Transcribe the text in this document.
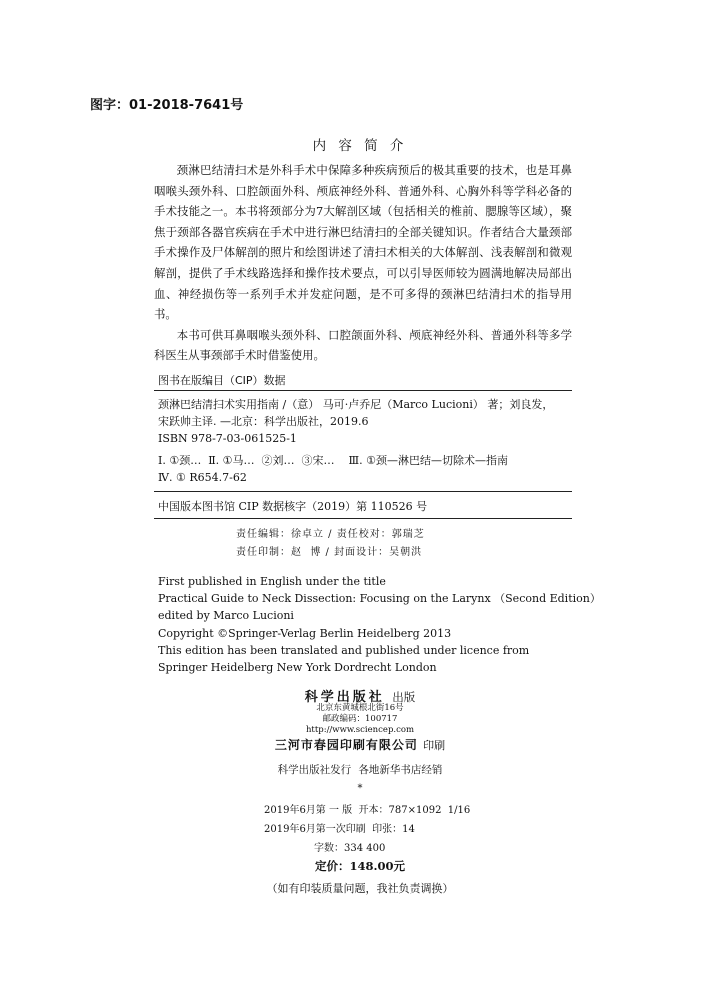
图字：01-2018-7641号
内 容 简 介

颈淋巴结清扫术是外科手术中保障多种疾病预后的极其重要的技术，也是耳鼻咽喉头颈外科、口腔颌面外科、颅底神经外科、普通外科、心胸外科等学科必备的手术技能之一。本书将颈部分为7大解剖区域（包括相关的椎前、腮腺等区域），聚焦于颈部各器官疾病在手术中进行淋巴结清扫的全部关键知识。作者结合大量颈部手术操作及尸体解剖的照片和绘图讲述了清扫术相关的大体解剖、浅表解剖和微观解剖，提供了手术线路选择和操作技术要点，可以引导医师较为圆满地解决局部出血、神经损伤等一系列手术并发症问题，是不可多得的颈淋巴结清扫术的指导用书。

本书可供耳鼻咽喉头颈外科、口腔颌面外科、颅底神经外科、普通外科等多学科医生从事颈部手术时借鉴使用。

图书在版编目（CIP）数据
颈淋巴结清扫术实用指南 /（意） 马可·卢乔尼（Marco Lucioni） 著；刘良发，
宋跃帅主译. —北京：科学出版社，2019.6
ISBN 978-7-03-061525-1
Ⅰ. ①颈…  Ⅱ. ①马…  ②刘…  ③宋…    Ⅲ. ①颈—淋巴结—切除术—指南
Ⅳ. ① R654.7-62
中国版本图书馆 CIP 数据核字（2019）第 110526 号
责任编辑：徐卓立 / 责任校对：郭瑞芝
责任印制：赵  博 / 封面设计：吴朝洪
First published in English under the title
Practical Guide to Neck Dissection: Focusing on the Larynx （Second Edition）
edited by Marco Lucioni
Copyright ©Springer-Verlag Berlin Heidelberg 2013
This edition has been translated and published under licence from
Springer Heidelberg New York Dordrecht London
科学出版社 出版
北京东黄城根北街16号
邮政编码：100717
http://www.sciencep.com
三河市春园印刷有限公司 印刷
科学出版社发行 各地新华书店经销
*
2019年6月第 一 版  开本：787×1092  1/16
2019年6月第一次印刷  印张：14
字数：334 400
定价：148.00元
（如有印装质量问题，我社负责调换）
